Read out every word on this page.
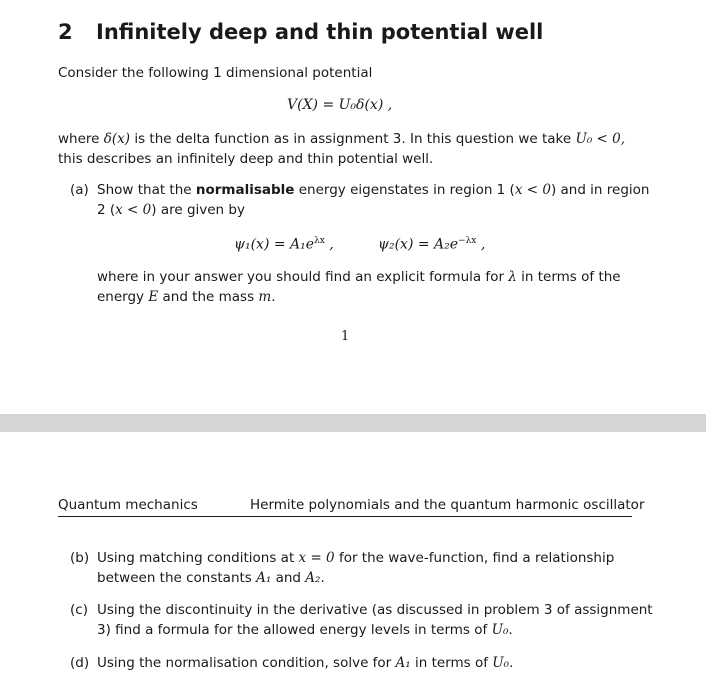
2 Infinitely deep and thin potential well
Consider the following 1 dimensional potential
V(X) = U₀δ(x) ,
where δ(x) is the delta function as in assignment 3. In this question we take U₀ < 0,
this describes an infinitely deep and thin potential well.
(a) Show that the normalisable energy eigenstates in region 1 (x < 0) and in region
2 (x < 0) are given by
$\psi_1(x) = A_1e^{\lambda x}$ ,	$\psi_2(x) = A_2e^{-\lambda x}$ ,
where in your answer you should find an explicit formula for λ in terms of the
energy E and the mass m.
1
Quantum mechanics	Hermite polynomials and the quantum harmonic oscillator
(b) Using matching conditions at x = 0 for the wave-function, find a relationship
between the constants A₁ and A₂.
(c) Using the discontinuity in the derivative (as discussed in problem 3 of assignment
3) find a formula for the allowed energy levels in terms of U₀.
(d) Using the normalisation condition, solve for A₁ in terms of U₀.
